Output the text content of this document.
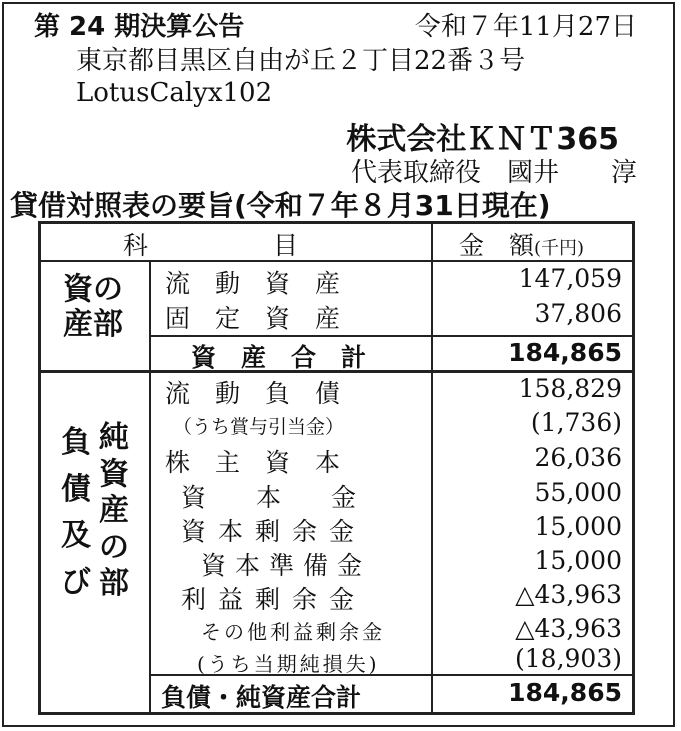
第 24 期決算公告	令和７年11月27日
東京都目黒区自由が丘２丁目22番３号
LotusCalyx102
株式会社ＫＮＴ365
代表取締役　國井　　淳
貸借対照表の要旨(令和７年８月31日現在)
科　　　　　目	金　額(千円)
資の
産部
流　動　資　産	147,059
固　定　資　産	37,806
資　産　合　計	184,865
負
債
及
び
純
資
産
の
部
流　動　負　債	158,829
（うち賞与引当金）	(1,736)
株　主　資　本	26,036
資　　本　　金	55,000
資本剰余金	15,000
資本準備金	15,000
利益剰余金	△43,963
その他利益剰余金	△43,963
(うち当期純損失)	(18,903)
負債・純資産合計	184,865
